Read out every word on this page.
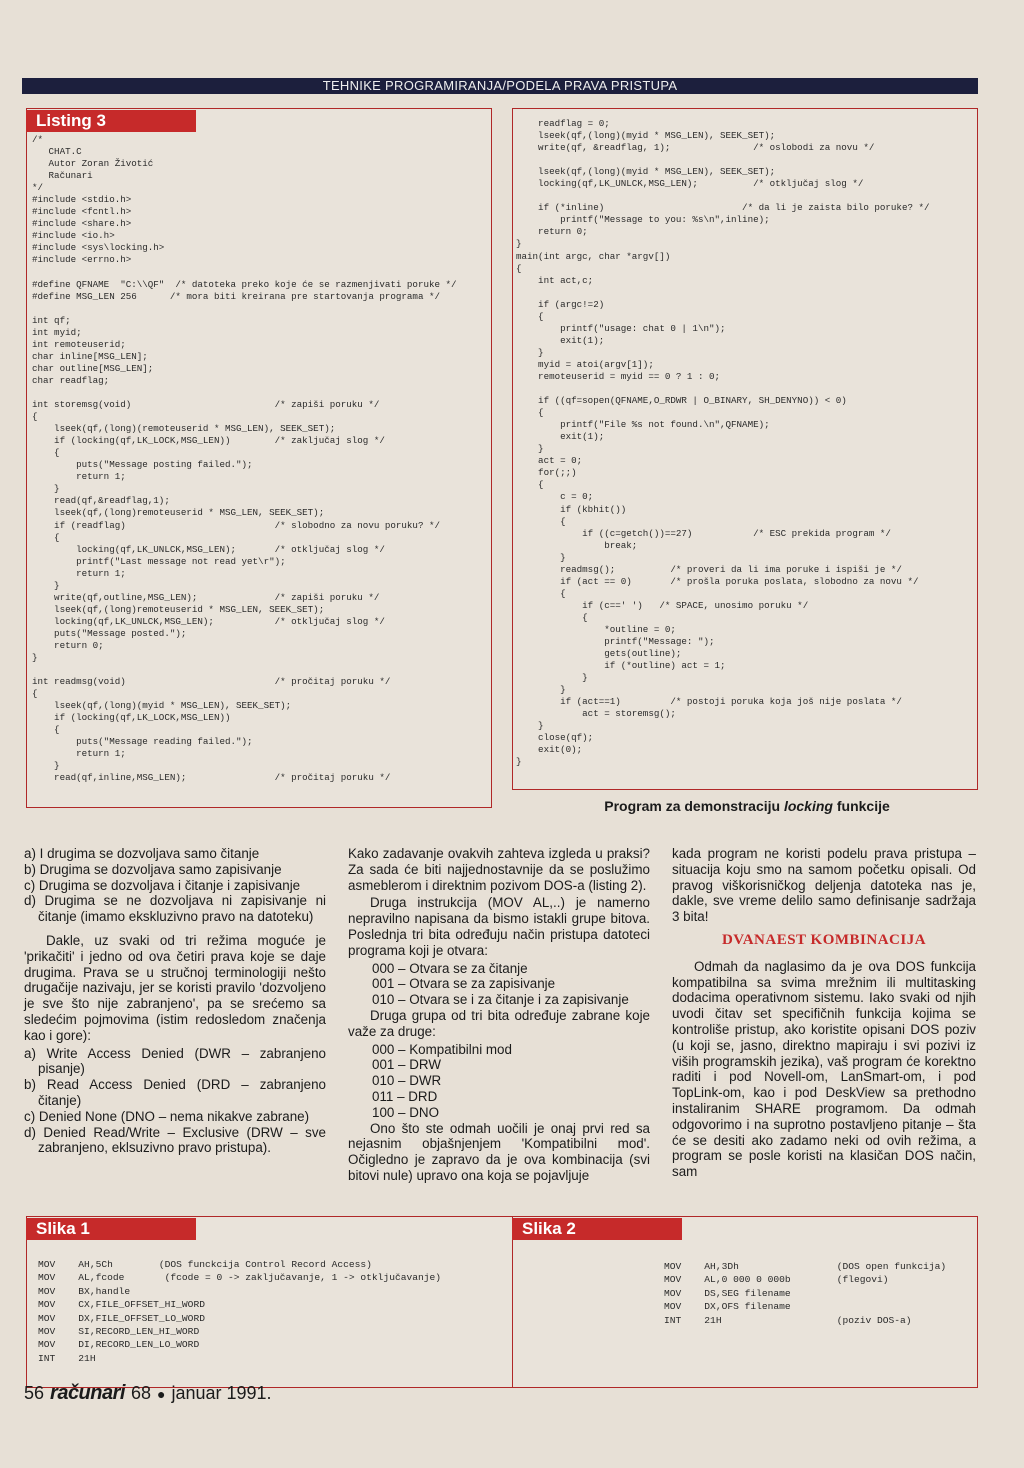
TEHNIKE PROGRAMIRANJA/PODELA PRAVA PRISTUPA
Listing 3
/*
CHAT.C
Autor Zoran Životić
Računari
*/
#include <stdio.h>
#include <fcntl.h>
#include <share.h>
#include <io.h>
#include <sys\locking.h>
#include <errno.h>

#define QFNAME  "C:\\QF"  /* datoteka preko koje će se razmenjivati poruke */
#define MSG_LEN 256      /* mora biti kreirana pre startovanja programa */

int qf;
int myid;
int remoteuserid;
char inline[MSG_LEN];
char outline[MSG_LEN];
char readflag;

int storemsg(void)                          /* zapiši poruku */
{
lseek(qf,(long)(remoteuserid * MSG_LEN), SEEK_SET);
if (locking(qf,LK_LOCK,MSG_LEN))        /* zaključaj slog */
{
puts("Message posting failed.");
return 1;
}
read(qf,&readflag,1);
lseek(qf,(long)remoteuserid * MSG_LEN, SEEK_SET);
if (readflag)                           /* slobodno za novu poruku? */
{
locking(qf,LK_UNLCK,MSG_LEN);       /* otključaj slog */
printf("Last message not read yet\r");
return 1;
}
write(qf,outline,MSG_LEN);              /* zapiši poruku */
lseek(qf,(long)remoteuserid * MSG_LEN, SEEK_SET);
locking(qf,LK_UNLCK,MSG_LEN);           /* otključaj slog */
puts("Message posted.");
return 0;
}

int readmsg(void)                           /* pročitaj poruku */
{
lseek(qf,(long)(myid * MSG_LEN), SEEK_SET);
if (locking(qf,LK_LOCK,MSG_LEN))
{
puts("Message reading failed.");
return 1;
}
read(qf,inline,MSG_LEN);                /* pročitaj poruku */
readflag = 0;
lseek(qf,(long)(myid * MSG_LEN), SEEK_SET);
write(qf, &readflag, 1);               /* oslobodi za novu */

lseek(qf,(long)(myid * MSG_LEN), SEEK_SET);
locking(qf,LK_UNLCK,MSG_LEN);          /* otključaj slog */

if (*inline)                         /* da li je zaista bilo poruke? */
printf("Message to you: %s\n",inline);
return 0;
}
main(int argc, char *argv[])
{
int act,c;

if (argc!=2)
{
printf("usage: chat 0 | 1\n");
exit(1);
}
myid = atoi(argv[1]);
remoteuserid = myid == 0 ? 1 : 0;

if ((qf=sopen(QFNAME,O_RDWR | O_BINARY, SH_DENYNO)) < 0)
{
printf("File %s not found.\n",QFNAME);
exit(1);
}
act = 0;
for(;;)
{
c = 0;
if (kbhit())
{
if ((c=getch())==27)           /* ESC prekida program */
break;
}
readmsg();          /* proveri da li ima poruke i ispiši je */
if (act == 0)       /* prošla poruka poslata, slobodno za novu */
{
if (c==' ')   /* SPACE, unosimo poruku */
{
*outline = 0;
printf("Message: ");
gets(outline);
if (*outline) act = 1;
}
}
if (act==1)         /* postoji poruka koja još nije poslata */
act = storemsg();
}
close(qf);
exit(0);
}
Program za demonstraciju locking funkcije

a) I drugima se dozvoljava samo čitanje

b) Drugima se dozvoljava samo zapisivanje

c) Drugima se dozvoljava i čitanje i zapisivanje

d) Drugima se ne dozvoljava ni zapisivanje ni čitanje (imamo ekskluzivno pravo na datoteku)

Dakle, uz svaki od tri režima moguće je 'prikačiti' i jedno od ova četiri prava koje se daje drugima. Prava se u stručnoj terminologiji nešto drugačije nazivaju, jer se koristi pravilo 'dozvoljeno je sve što nije zabranjeno', pa se srećemo sa sledećim pojmovima (istim redosledom značenja kao i gore):

a) Write Access Denied (DWR – zabranjeno pisanje)

b) Read Access Denied (DRD – zabranjeno čitanje)

c) Denied None (DNO – nema nikakve zabrane)

d) Denied Read/Write – Exclusive (DRW – sve zabranjeno, eklsuzivno pravo pristupa).

Kako zadavanje ovakvih zahteva izgleda u praksi? Za sada će biti najjednostavnije da se poslužimo asmeblerom i direktnim pozivom DOS-a (listing 2).

Druga instrukcija (MOV AL,..) je namerno nepravilno napisana da bismo istakli grupe bitova. Poslednja tri bita određuju način pristupa datoteci programa koji je otvara:

000 – Otvara se za čitanje
001 – Otvara se za zapisivanje
010 – Otvara se i za čitanje i za zapisivanje

Druga grupa od tri bita određuje zabrane koje važe za druge:

000 – Kompatibilni mod
001 – DRW
010 – DWR
011 – DRD
100 – DNO

Ono što ste odmah uočili je onaj prvi red sa nejasnim objašnjenjem 'Kompatibilni mod'. Očigledno je zapravo da je ova kombinacija (svi bitovi nule) upravo ona koja se pojavljuje

kada program ne koristi podelu prava pristupa – situacija koju smo na samom početku opisali. Od pravog viškorisničkog deljenja datoteka nas je, dakle, sve vreme delilo samo definisanje sadržaja 3 bita!

DVANAEST KOMBINACIJA

Odmah da naglasimo da je ova DOS funkcija kompatibilna sa svima mrežnim ili multitasking dodacima operativnom sistemu. Iako svaki od njih uvodi čitav set specifičnih funkcija kojima se kontroliše pristup, ako koristite opisani DOS poziv (u koji se, jasno, direktno mapiraju i svi pozivi iz viših programskih jezika), vaš program će korektno raditi i pod Novell-om, LanSmart-om, i pod TopLink-om, kao i pod DeskView sa prethodno instaliranim SHARE programom. Da odmah odgovorimo i na suprotno postavljeno pitanje – šta će se desiti ako zadamo neki od ovih režima, a program se posle koristi na klasičan DOS način, sam

Slika 1
MOV    AH,5Ch        (DOS funckcija Control Record Access)
MOV    AL,fcode       (fcode = 0 -> zaključavanje, 1 -> otključavanje)
MOV    BX,handle
MOV    CX,FILE_OFFSET_HI_WORD
MOV    DX,FILE_OFFSET_LO_WORD
MOV    SI,RECORD_LEN_HI_WORD
MOV    DI,RECORD_LEN_LO_WORD
INT    21H
Slika 2
MOV    AH,3Dh                 (DOS open funkcija)
MOV    AL,0 000 0 000b        (flegovi)
MOV    DS,SEG filename
MOV    DX,OFS filename
INT    21H                    (poziv DOS-a)
56 računari 68 ● januar 1991.
